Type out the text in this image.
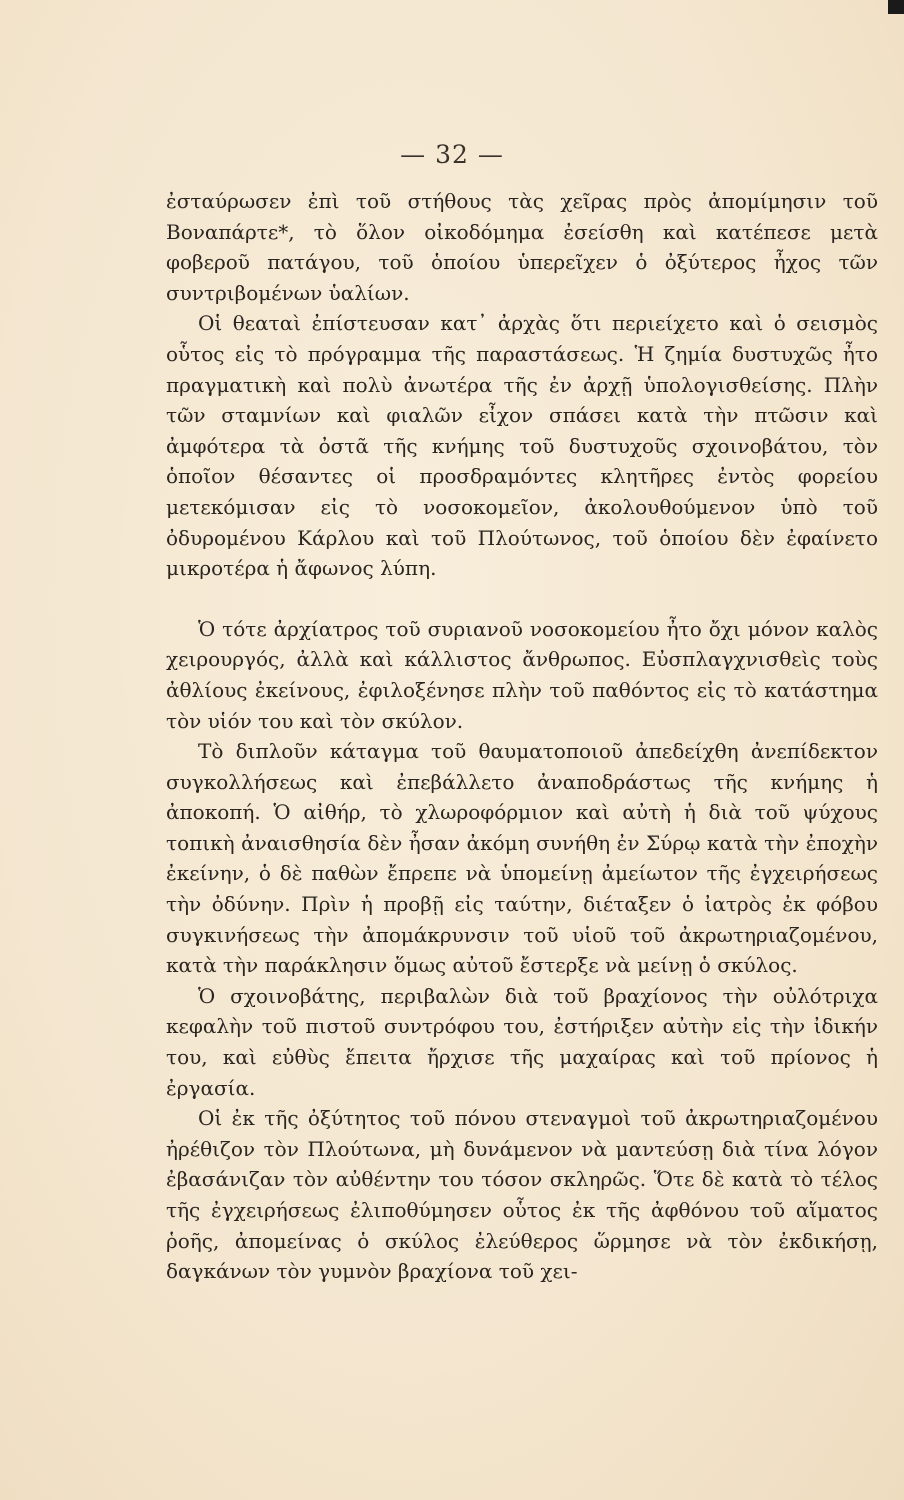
— 32 —

ἐσταύρωσεν ἐπὶ τοῦ στήθους τὰς χεῖρας πρὸς ἀπομίμησιν τοῦ Βοναπάρτε*, τὸ ὅλον οἰκοδόμημα ἐσείσθη καὶ κατέπεσε μετὰ φοβεροῦ πατάγου, τοῦ ὁποίου ὑπερεῖχεν ὁ ὀξύτερος ἦχος τῶν συντριβομένων ὑαλίων.

Οἱ θεαταὶ ἐπίστευσαν κατ᾽ ἀρχὰς ὅτι περιείχετο καὶ ὁ σεισμὸς οὗτος εἰς τὸ πρόγραμμα τῆς παραστάσεως. Ἡ ζημία δυστυχῶς ἦτο πραγματικὴ καὶ πολὺ ἀνωτέρα τῆς ἐν ἀρχῇ ὑπολογισθείσης. Πλὴν τῶν σταμνίων καὶ φιαλῶν εἶχον σπάσει κατὰ τὴν πτῶσιν καὶ ἀμφότερα τὰ ὀστᾶ τῆς κνήμης τοῦ δυστυχοῦς σχοινοβάτου, τὸν ὁποῖον θέσαντες οἱ προσδραμόντες κλητῆρες ἐντὸς φορείου μετεκόμισαν εἰς τὸ νοσοκομεῖον, ἀκολουθούμενον ὑπὸ τοῦ ὀδυρομένου Κάρλου καὶ τοῦ Πλούτωνος, τοῦ ὁποίου δὲν ἐφαίνετο μικροτέρα ἡ ἄφωνος λύπη.

Ὁ τότε ἀρχίατρος τοῦ συριανοῦ νοσοκομείου ἦτο ὄχι μόνον καλὸς χειρουργός, ἀλλὰ καὶ κάλλιστος ἄνθρωπος. Εὐσπλαγχνισθεὶς τοὺς ἀθλίους ἐκείνους, ἐφιλοξένησε πλὴν τοῦ παθόντος εἰς τὸ κατάστημα τὸν υἱόν του καὶ τὸν σκύλον.

Τὸ διπλοῦν κάταγμα τοῦ θαυματοποιοῦ ἀπεδείχθη ἀνεπίδεκτον συγκολλήσεως καὶ ἐπεβάλλετο ἀναποδράστως τῆς κνήμης ἡ ἀποκοπή. Ὁ αἰθήρ, τὸ χλωροφόρμιον καὶ αὐτὴ ἡ διὰ τοῦ ψύχους τοπικὴ ἀναισθησία δὲν ἦσαν ἀκόμη συνήθη ἐν Σύρῳ κατὰ τὴν ἐποχὴν ἐκείνην, ὁ δὲ παθὼν ἔπρεπε νὰ ὑπομείνῃ ἀμείωτον τῆς ἐγχειρήσεως τὴν ὀδύνην. Πρὶν ἡ προβῇ εἰς ταύτην, διέταξεν ὁ ἰατρὸς ἐκ φόβου συγκινήσεως τὴν ἀπομάκρυνσιν τοῦ υἱοῦ τοῦ ἀκρωτηριαζομένου, κατὰ τὴν παράκλησιν ὅμως αὐτοῦ ἔστερξε νὰ μείνῃ ὁ σκύλος.

Ὁ σχοινοβάτης, περιβαλὼν διὰ τοῦ βραχίονος τὴν οὐλότριχα κεφαλὴν τοῦ πιστοῦ συντρόφου του, ἐστήριξεν αὐτὴν εἰς τὴν ἰδικήν του, καὶ εὐθὺς ἔπειτα ἤρχισε τῆς μαχαίρας καὶ τοῦ πρίονος ἡ ἐργασία.

Οἱ ἐκ τῆς ὀξύτητος τοῦ πόνου στεναγμοὶ τοῦ ἀκρωτηριαζομένου ἠρέθιζον τὸν Πλούτωνα, μὴ δυνάμενον νὰ μαντεύσῃ διὰ τίνα λόγον ἐβασάνιζαν τὸν αὐθέντην του τόσον σκληρῶς. Ὅτε δὲ κατὰ τὸ τέλος τῆς ἐγχειρήσεως ἐλιποθύμησεν οὗτος ἐκ τῆς ἀφθόνου τοῦ αἵματος ῥοῆς, ἀπομείνας ὁ σκύλος ἐλεύθερος ὥρμησε νὰ τὸν ἐκδικήσῃ, δαγκάνων τὸν γυμνὸν βραχίονα τοῦ χει-
